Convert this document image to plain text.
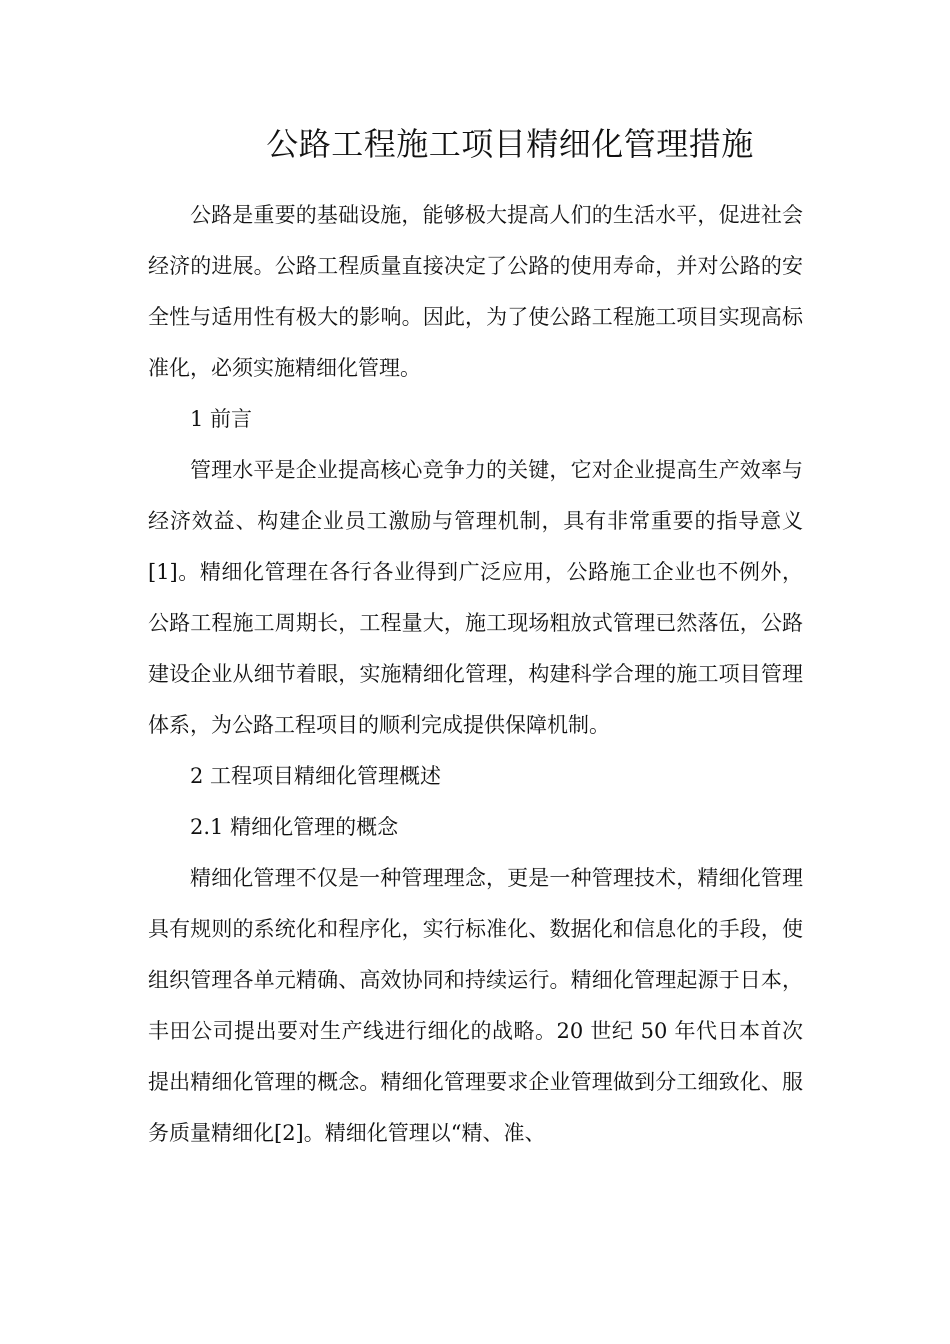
公路工程施工项目精细化管理措施

公路是重要的基础设施，能够极大提高人们的生活水平，促进社会经济的进展。公路工程质量直接决定了公路的使用寿命，并对公路的安全性与适用性有极大的影响。因此，为了使公路工程施工项目实现高标准化，必须实施精细化管理。

1 前言

管理水平是企业提高核心竞争力的关键，它对企业提高生产效率与经济效益、构建企业员工激励与管理机制，具有非常重要的指导意义[1]。精细化管理在各行各业得到广泛应用，公路施工企业也不例外，公路工程施工周期长，工程量大，施工现场粗放式管理已然落伍，公路建设企业从细节着眼，实施精细化管理，构建科学合理的施工项目管理体系，为公路工程项目的顺利完成提供保障机制。

2 工程项目精细化管理概述

2.1 精细化管理的概念

精细化管理不仅是一种管理理念，更是一种管理技术，精细化管理具有规则的系统化和程序化，实行标准化、数据化和信息化的手段，使组织管理各单元精确、高效协同和持续运行。精细化管理起源于日本，丰田公司提出要对生产线进行细化的战略。20 世纪 50 年代日本首次提出精细化管理的概念。精细化管理要求企业管理做到分工细致化、服务质量精细化[2]。精细化管理以“精、准、
